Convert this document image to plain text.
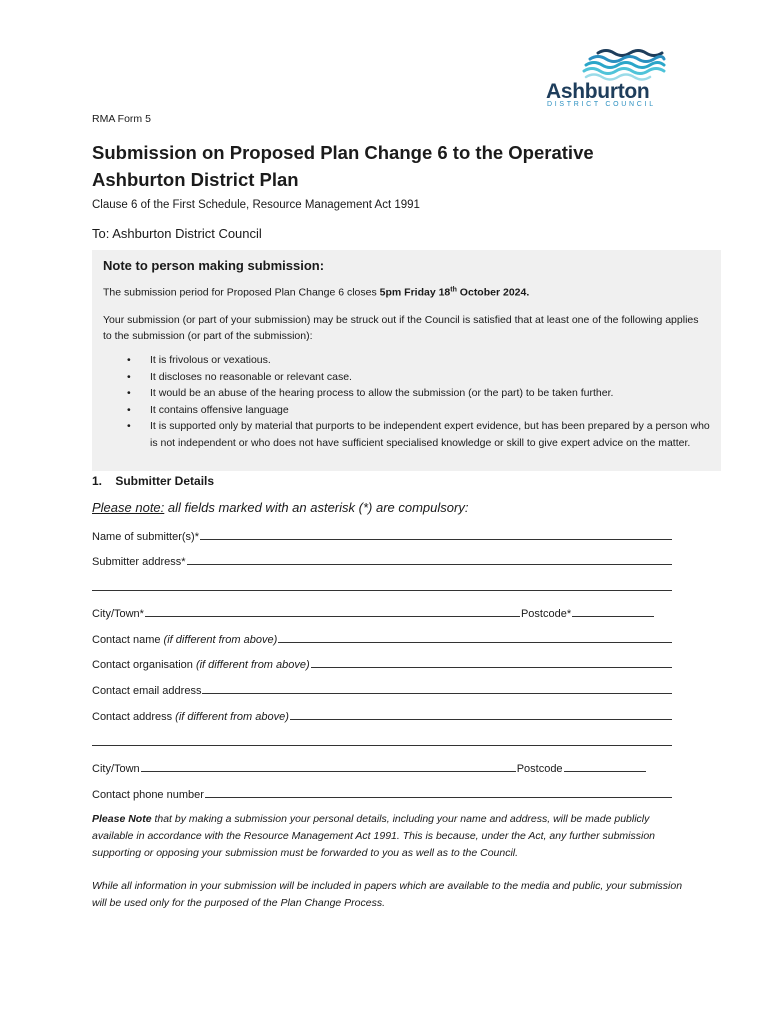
Ashburton
DISTRICT COUNCIL
RMA Form 5
Submission on Proposed Plan Change 6 to the Operative
Ashburton District Plan
Clause 6 of the First Schedule, Resource Management Act 1991
To: Ashburton District Council
Note to person making submission:
The submission period for Proposed Plan Change 6 closes 5pm Friday 18th October 2024.
Your submission (or part of your submission) may be struck out if the Council is satisfied that at least one of the following applies to the submission (or part of the submission):
• It is frivolous or vexatious.
• It discloses no reasonable or relevant case.
• It would be an abuse of the hearing process to allow the submission (or the part) to be taken further.
• It contains offensive language
• It is supported only by material that purports to be independent expert evidence, but has been prepared by a person who is not independent or who does not have sufficient specialised knowledge or skill to give expert advice on the matter.
1.    Submitter Details
Please note: all fields marked with an asterisk (*) are compulsory:
Name of submitter(s)*
Submitter address*
City/Town*	Postcode*
Contact name (if different from above)
Contact organisation (if different from above)
Contact email address
Contact address (if different from above)
City/Town	Postcode
Contact phone number
Please Note that by making a submission your personal details, including your name and address, will be made publicly available in accordance with the Resource Management Act 1991. This is because, under the Act, any further submission supporting or opposing your submission must be forwarded to you as well as to the Council.
While all information in your submission will be included in papers which are available to the media and public, your submission will be used only for the purposed of the Plan Change Process.
